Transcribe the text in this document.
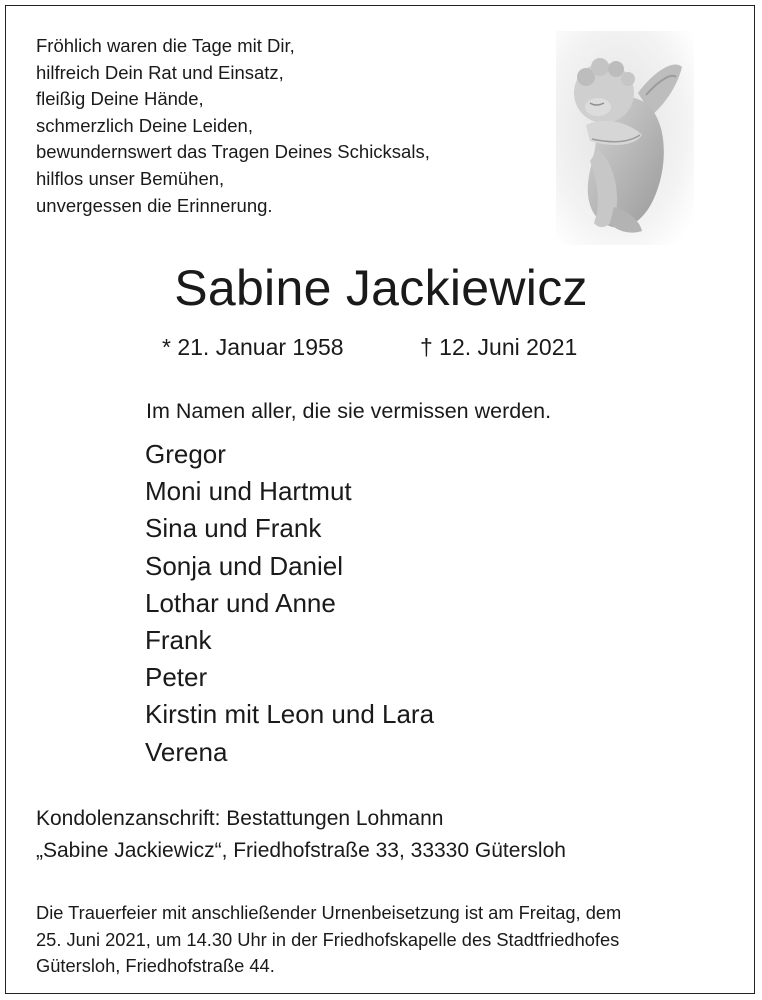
Fröhlich waren die Tage mit Dir,
hilfreich Dein Rat und Einsatz,
fleißig Deine Hände,
schmerzlich Deine Leiden,
bewundernswert das Tragen Deines Schicksals,
hilflos unser Bemühen,
unvergessen die Erinnerung.
Sabine Jackiewicz
* 21. Januar 1958	† 12. Juni 2021
Im Namen aller, die sie vermissen werden.
Gregor
Moni und Hartmut
Sina und Frank
Sonja und Daniel
Lothar und Anne
Frank
Peter
Kirstin mit Leon und Lara
Verena
Kondolenzanschrift: Bestattungen Lohmann
„Sabine Jackiewicz“, Friedhofstraße 33, 33330 Gütersloh
Die Trauerfeier mit anschließender Urnenbeisetzung ist am Freitag, dem
25. Juni 2021, um 14.30 Uhr in der Friedhofskapelle des Stadtfriedhofes
Gütersloh, Friedhofstraße 44.
